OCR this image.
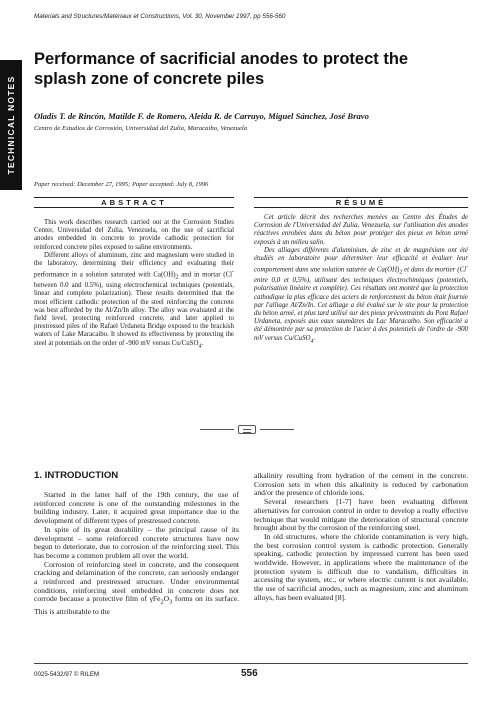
Materials and Structures/Matériaux et Constructions, Vol. 30, November 1997, pp 556-560
TECHNICAL NOTES
Performance of sacrificial anodes to protect the splash zone of concrete piles
Oladis T. de Rincón, Matilde F. de Romero, Aleida R. de Carruyo, Miguel Sánchez, José Bravo
Centro de Estudios de Corrosión, Universidad del Zulia, Maracaibo, Venezuela
Paper received: December 27, 1995; Paper accepted: July 8, 1996
ABSTRACT	RÉSUMÉ

This work describes research carried out at the Corrosion Studies Center, Universidad del Zulia, Venezuela, on the use of sacrificial anodes embedded in concrete to provide cathodic protection for reinforced concrete piles exposed to saline environments.

Different alloys of aluminum, zinc and magnesium were studied in the laboratory, determining their efficiency and evaluating their performance in a solution saturated with $Ca(OH)_2$ and in mortar (Cl- between 0.0 and 0.5%), using electrochemical techniques (potentials, linear and complete polarization). These results determined that the most efficient cathodic protection of the steel reinforcing the concrete was best afforded by the Al/Zn/In alloy. The alloy was evaluated at the field level, protecting reinforced concrete, and later applied to prestressed piles of the Rafael Urdaneta Bridge exposed to the brackish waters of Lake Maracaibo. It showed its effectiveness by protecting the steel at potentials on the order of -900 mV versus Cu/CuSO$_4$.

Cet article décrit des recherches menées au Centre des Études de Corrosion de l'Universidad del Zulia, Venezuela, sur l'utilisation des anodes réactives enrobées dans du béton pour protéger des pieux en béton armé exposés à un milieu salin.

Des alliages différents d'aluminium, de zinc et de magnésium ont été étudiés en laboratoire pour déterminer leur efficacité et évaluer leur comportement dans une solution saturée de $Ca(OH)_2$ et dans du mortier (Cl- entre 0,0 et 0,5%), utilisant des techniques électrochimiques (potentiels, polarisation linéaire et complète). Ces résultats ont montré que la protection cathodique la plus efficace des aciers de renforcement du béton était fournie par l'alliage Al/Zn/In. Cet alliage a été évalué sur le site pour la protection du béton armé, et plus tard utilisé sur des pieux précontraints du Pont Rafael Urdaneta, exposés aux eaux saumâtres du Lac Maracaibo. Son efficacité a été démontrée par sa protection de l'acier à des potentiels de l'ordre de -900 mV versus Cu/CuSO$_4$.

1. INTRODUCTION

Started in the latter half of the 19th century, the use of reinforced concrete is one of the outstanding milestones in the building industry. Later, it acquired great importance due to the development of different types of prestressed concrete.

In spite of its great durability – the principal cause of its development – some reinforced concrete structures have now begun to deteriorate, due to corrosion of the reinforcing steel. This has become a common problem all over the world.

Corrosion of reinforcing steel in concrete, and the consequent cracking and delamination of the concrete, can seriously endanger a reinforced and prestressed structure. Under environmental conditions, reinforcing steel embedded in concrete does not corrode because a protective film of $\gamma Fe_2O_3$ forms on its surface. This is attributable to the

alkalinity resulting from hydration of the cement in the concrete. Corrosion sets in when this alkalinity is reduced by carbonation and/or the presence of chloride ions.

Several researchers [1-7] have been evaluating different alternatives for corrosion control in order to develop a really effective technique that would mitigate the deterioration of structural concrete brought about by the corrosion of the reinforcing steel.

In old structures, where the chloride contamination is very high, the best corrosion control system is cathodic protection. Generally speaking, cathodic protection by impressed current has been used worldwide. However, in applications where the maintenance of the protection system is difficult due to vandalism, difficulties in accessing the system, etc., or where electric current is not available, the use of sacrificial anodes, such as magnesium, zinc and aluminum alloys, has been evaluated [8].

0025-5432/97 © RILEM	556
